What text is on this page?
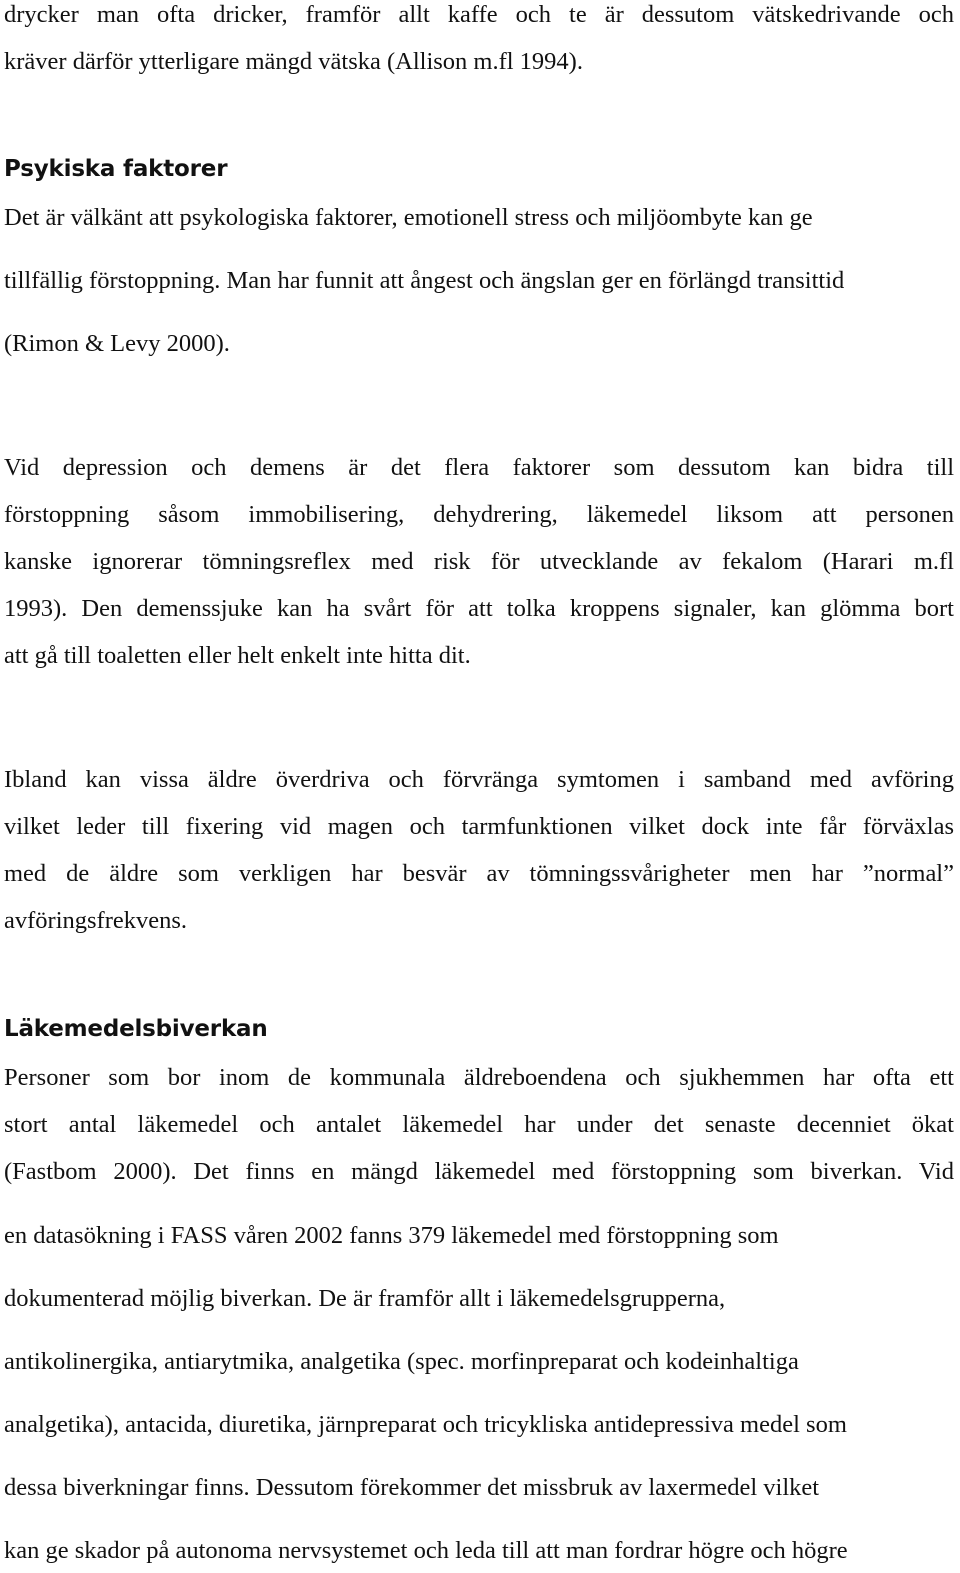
drycker man ofta dricker, framför allt kaffe och te är dessutom vätskedrivande och
kräver därför ytterligare mängd vätska (Allison m.fl 1994).
Psykiska faktorer
Det är välkänt att psykologiska faktorer, emotionell stress och miljöombyte kan ge
tillfällig förstoppning. Man har funnit att ångest och ängslan ger en förlängd transittid
(Rimon & Levy 2000).
Vid depression och demens är det flera faktorer som dessutom kan bidra till
förstoppning såsom immobilisering, dehydrering, läkemedel liksom att personen
kanske ignorerar tömningsreflex med risk för utvecklande av fekalom (Harari m.fl
1993). Den demenssjuke kan ha svårt för att tolka kroppens signaler, kan glömma bort
att gå till toaletten eller helt enkelt inte hitta dit.
Ibland kan vissa äldre överdriva och förvränga symtomen i samband med avföring
vilket leder till fixering vid magen och tarmfunktionen vilket dock inte får förväxlas
med de äldre som verkligen har besvär av tömningssvårigheter men har ”normal”
avföringsfrekvens.
Läkemedelsbiverkan
Personer som bor inom de kommunala äldreboendena och sjukhemmen har ofta ett
stort antal läkemedel och antalet läkemedel har under det senaste decenniet ökat
(Fastbom 2000). Det finns en mängd läkemedel med förstoppning som biverkan. Vid
en datasökning i FASS våren 2002 fanns 379 läkemedel med förstoppning som
dokumenterad möjlig biverkan. De är framför allt i läkemedelsgrupperna,
antikolinergika, antiarytmika, analgetika (spec. morfinpreparat och kodeinhaltiga
analgetika), antacida, diuretika, järnpreparat och tricykliska antidepressiva medel som
dessa biverkningar finns. Dessutom förekommer det missbruk av laxermedel vilket
kan ge skador på autonoma nervsystemet och leda till att man fordrar högre och högre
